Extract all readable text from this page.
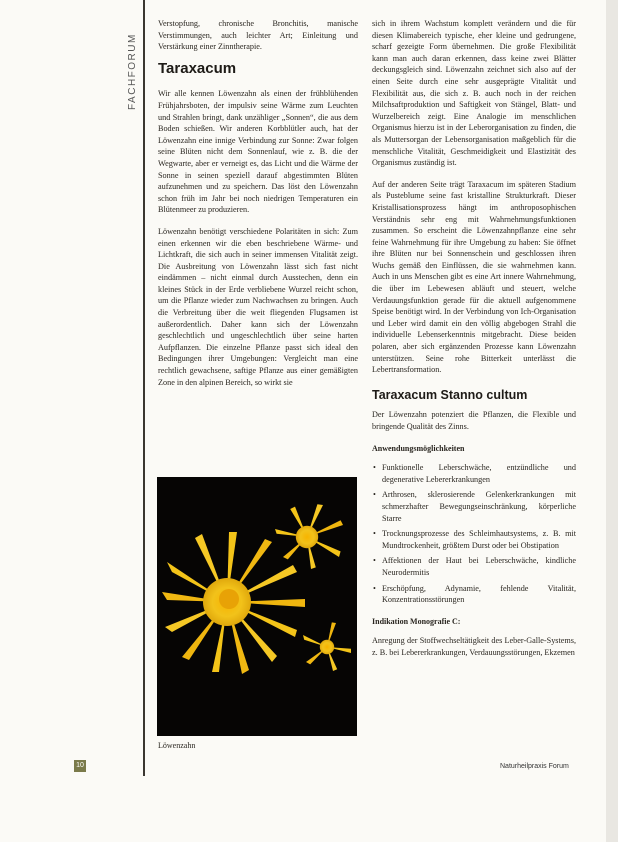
FACHFORUM

Verstopfung, chronische Bronchitis, manische Verstimmungen, auch leichter Art; Einleitung und Verstärkung einer Zinntherapie.

Taraxacum

Wir alle kennen Löwenzahn als einen der frühblühenden Frühjahrsboten, der impulsiv seine Wärme zum Leuchten und Strahlen bringt, dank unzähliger „Sonnen“, die aus dem Boden schießen. Wir anderen Korbblütler auch, hat der Löwenzahn eine innige Verbindung zur Sonne: Zwar folgen seine Blüten nicht dem Sonnenlauf, wie z. B. die der Wegwarte, aber er verneigt es, das Licht und die Wärme der Sonne in seinen speziell darauf abgestimmten Blüten aufzunehmen und zu speichern. Das löst den Löwenzahn schon früh im Jahr bei noch niedrigen Temperaturen ein Blütenmeer zu produzieren.

Löwenzahn benötigt verschiedene Polaritäten in sich: Zum einen erkennen wir die eben beschriebene Wärme- und Lichtkraft, die sich auch in seiner immensen Vitalität zeigt. Die Ausbreitung von Löwenzahn lässt sich fast nicht eindämmen – nicht einmal durch Ausstechen, denn ein kleines Stück in der Erde verbliebene Wurzel reicht schon, um die Pflanze wieder zum Nachwachsen zu bringen. Auch die Verbreitung über die weit fliegenden Flugsamen ist außerordentlich. Daher kann sich der Löwenzahn geschlechtlich und ungeschlechtlich über seine harten Aufpflanzen. Die einzelne Pflanze passt sich ideal den Bedingungen ihrer Umgebungen: Vergleicht man eine rechtlich gewachsene, saftige Pflanze aus einer gemäßigten Zone in den alpinen Bereich, so wirkt sie

Löwenzahn

sich in ihrem Wachstum komplett verändern und die für diesen Klimabereich typische, eher kleine und gedrungene, scharf gezeigte Form übernehmen. Die große Flexibilität kann man auch daran erkennen, dass keine zwei Blätter deckungsgleich sind. Löwenzahn zeichnet sich also auf der einen Seite durch eine sehr ausgeprägte Vitalität und Flexibilität aus, die sich z. B. auch noch in der reichen Milchsaftproduktion und Saftigkeit von Stängel, Blatt- und Wurzelbereich zeigt. Eine Analogie im menschlichen Organismus hierzu ist in der Leberorganisation zu finden, die als Muttersorgan der Lebensorganisation maßgeblich für die menschliche Vitalität, Geschmeidigkeit und Elastizität des Organismus zuständig ist.

Auf der anderen Seite trägt Taraxacum im späteren Stadium als Pusteblume seine fast kristalline Strukturkraft. Dieser Kristallisationsprozess hängt im anthroposophischen Verständnis sehr eng mit Wahrnehmungsfunktionen zusammen. So erscheint die Löwenzahnpflanze eine sehr feine Wahrnehmung für ihre Umgebung zu haben: Sie öffnet ihre Blüten nur bei Sonnenschein und geschlossen ihren Wuchs gemäß den Einflüssen, die sie wahrnehmen kann. Auch in uns Menschen gibt es eine Art innere Wahrnehmung, die über im Lebewesen abläuft und steuert, welche Verdauungsfunktion gerade für die aktuell aufgenommene Speise benötigt wird. In der Verbindung von Ich-Organisation und Leber wird damit ein den völlig abgebogen Strahl die individuelle Lebenserkenntnis mitgebracht. Diese beiden polaren, aber sich ergänzenden Prozesse kann Löwenzahn unterstützen. Seine rohe Bitterkeit unterlässt die Lebertransformation.

Taraxacum Stanno cultum

Der Löwenzahn potenziert die Pflanzen, die Flexible und bringende Qualität des Zinns.

Anwendungsmöglichkeiten
• Funktionelle Leberschwäche, entzündliche und degenerative Lebererkrankungen
• Arthrosen, sklerosierende Gelenkerkrankungen mit schmerzhafter Bewegungseinschränkung, körperliche Starre
• Trocknungsprozesse des Schleimhautsystems, z. B. mit Mundtrockenheit, größtem Durst oder bei Obstipation
• Affektionen der Haut bei Leberschwäche, kindliche Neurodermitis
• Erschöpfung, Adynamie, fehlende Vitalität, Konzentrationsstörungen
Indikation Monografie C:

Anregung der Stoffwechseltätigkeit des Leber-Galle-Systems, z. B. bei Lebererkrankungen, Verdauungsstörungen, Ekzemen

10	Naturheilpraxis Forum
